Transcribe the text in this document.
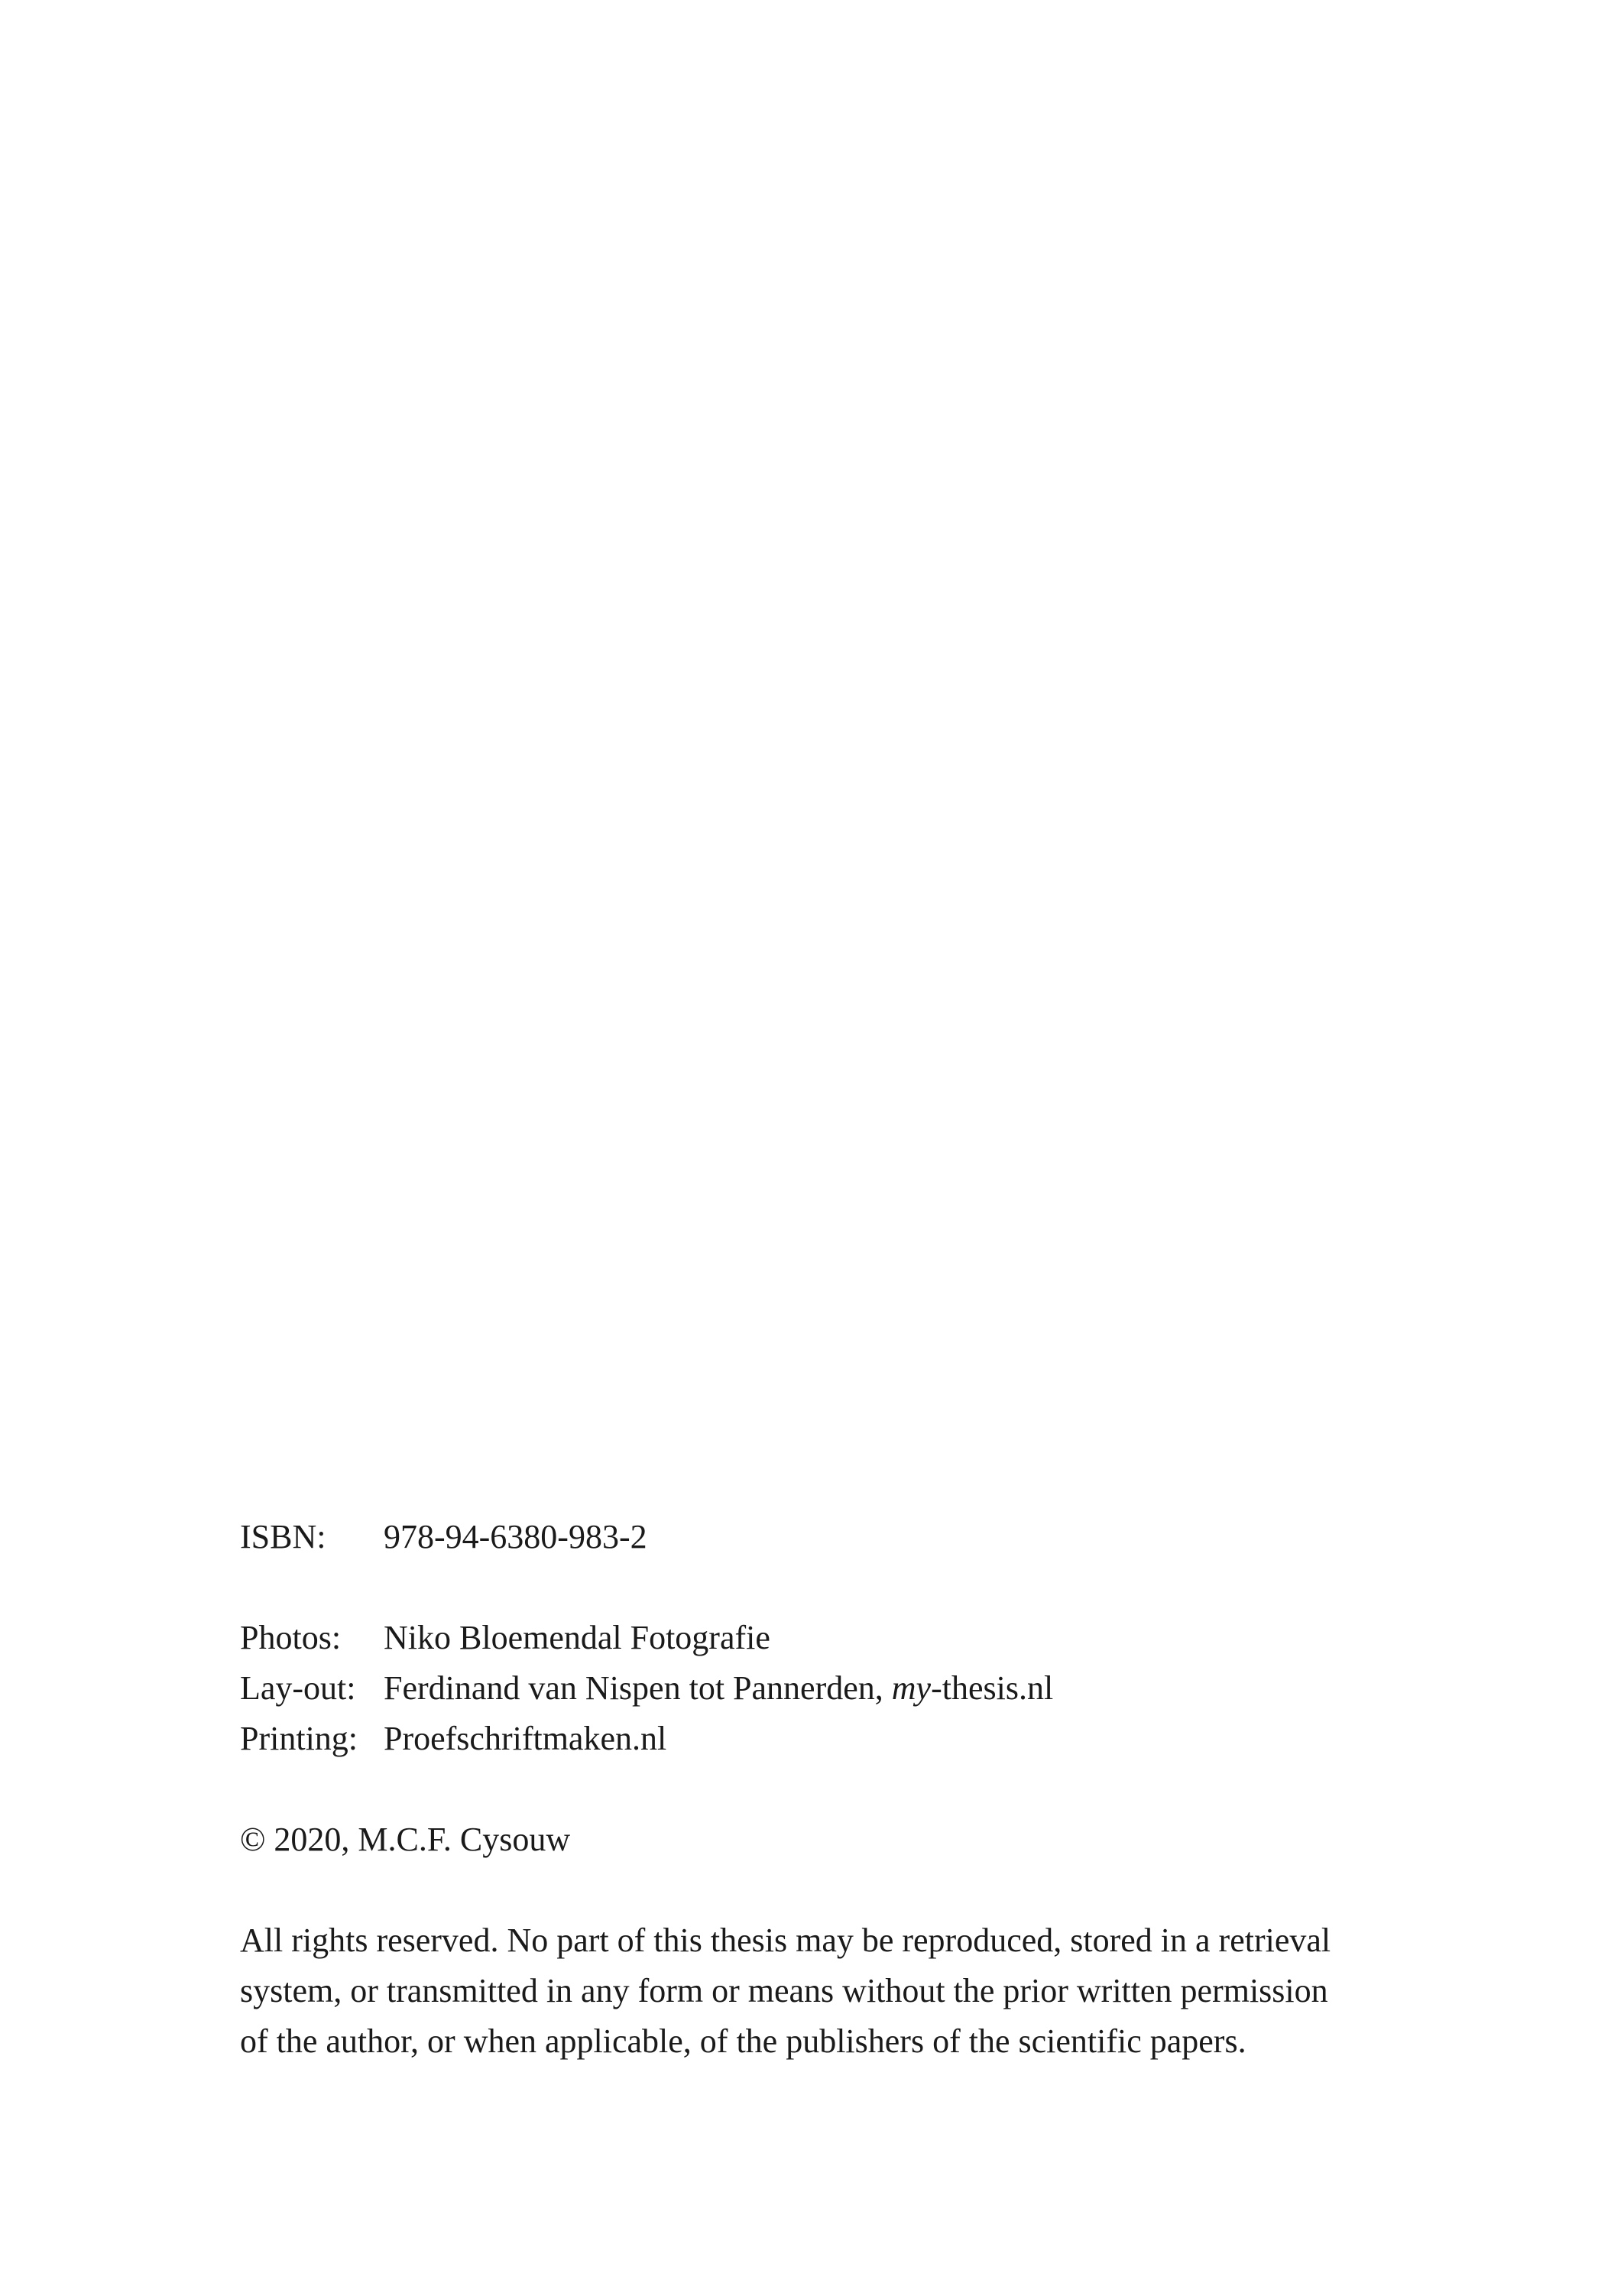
ISBN:	978-94-6380-983-2
Photos:	Niko Bloemendal Fotografie
Lay-out: Ferdinand van Nispen tot Pannerden, my-thesis.nl
Printing: Proefschriftmaken.nl
© 2020, M.C.F. Cysouw
All rights reserved. No part of this thesis may be reproduced, stored in a retrieval
system, or transmitted in any form or means without the prior written permission
of the author, or when applicable, of the publishers of the scientific papers.
